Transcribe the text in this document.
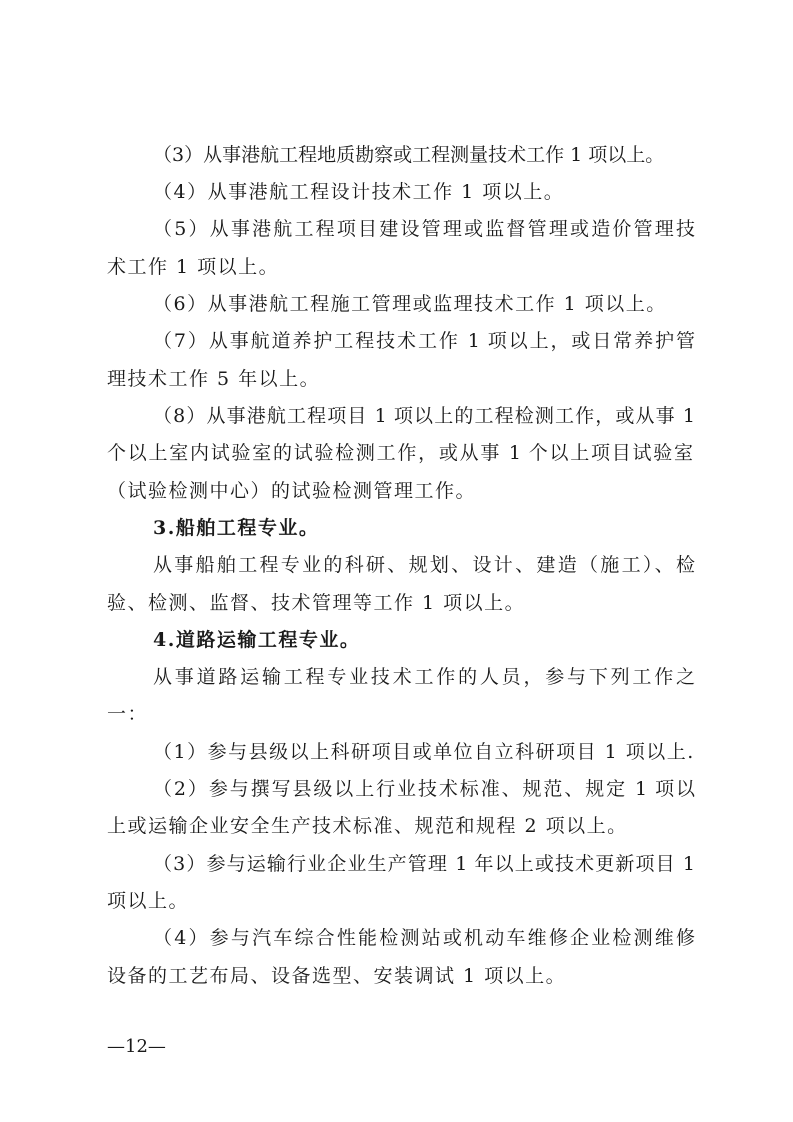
（3）从事港航工程地质勘察或工程测量技术工作 1 项以上。
（4）从事港航工程设计技术工作 1 项以上。
（5）从事港航工程项目建设管理或监督管理或造价管理技
术工作 1 项以上。
（6）从事港航工程施工管理或监理技术工作 1 项以上。
（7）从事航道养护工程技术工作 1 项以上，或日常养护管
理技术工作 5 年以上。
（8）从事港航工程项目 1 项以上的工程检测工作，或从事 1
个以上室内试验室的试验检测工作，或从事 1 个以上项目试验室
（试验检测中心）的试验检测管理工作。
3.船舶工程专业。
从事船舶工程专业的科研、规划、设计、建造（施工）、检
验、检测、监督、技术管理等工作 1 项以上。
4.道路运输工程专业。
从事道路运输工程专业技术工作的人员，参与下列工作之
一：
（1）参与县级以上科研项目或单位自立科研项目 1 项以上.
（2）参与撰写县级以上行业技术标准、规范、规定 1 项以
上或运输企业安全生产技术标准、规范和规程 2 项以上。
（3）参与运输行业企业生产管理 1 年以上或技术更新项目 1
项以上。
（4）参与汽车综合性能检测站或机动车维修企业检测维修
设备的工艺布局、设备选型、安装调试 1 项以上。
—12—
